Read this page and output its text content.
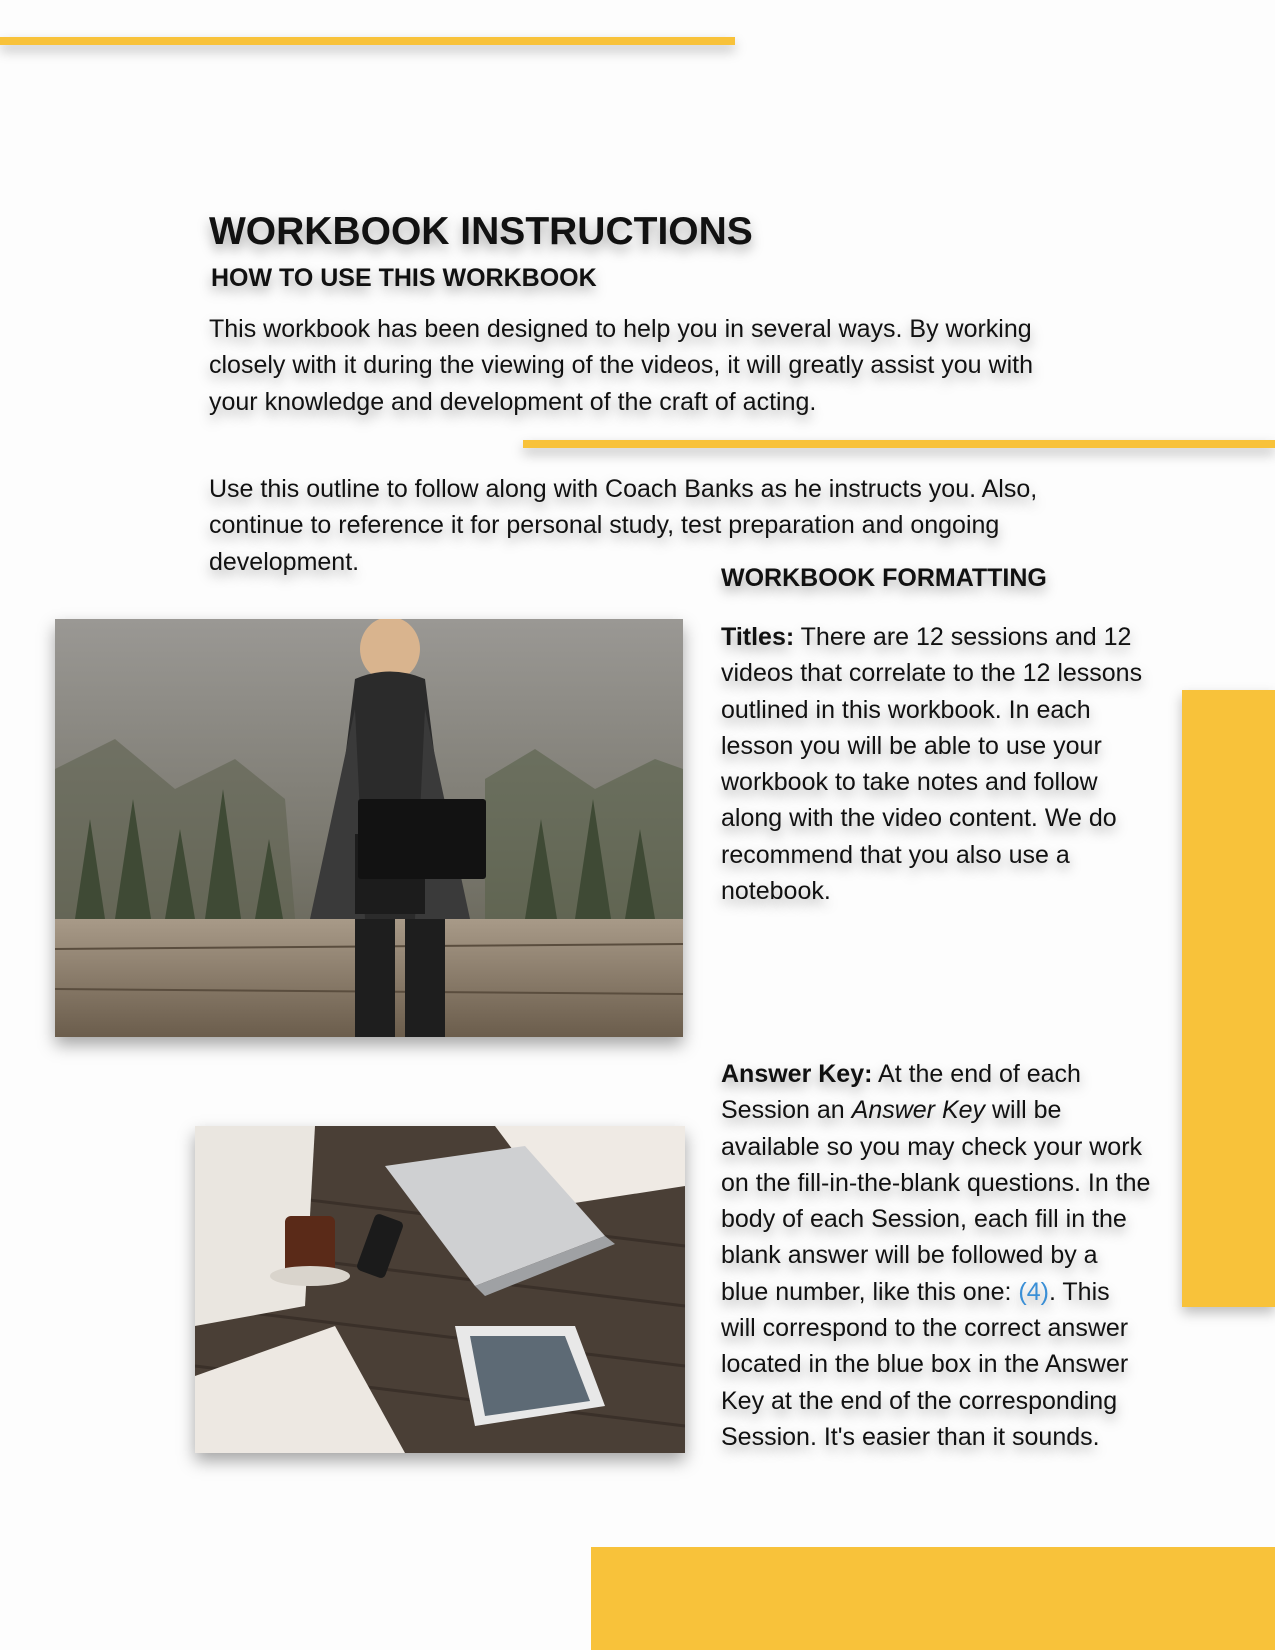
WORKBOOK INSTRUCTIONS
HOW TO USE THIS WORKBOOK

This workbook has been designed to help you in several ways. By working closely with it during the viewing of the videos, it will greatly assist you with your knowledge and development of the craft of acting.

Use this outline to follow along with Coach Banks as he instructs you. Also, continue to reference it for personal study, test preparation and ongoing development.

WORKBOOK FORMATTING

Titles: There are 12 sessions and 12 videos that correlate to the 12 lessons outlined in this workbook. In each lesson you will be able to use your workbook to take notes and follow along with the video content. We do recommend that you also use a notebook.

Answer Key: At the end of each Session an Answer Key will be available so you may check your work on the fill-in-the-blank questions. In the body of each Session, each fill in the blank answer will be followed by a blue number, like this one: (4). This will correspond to the correct answer located in the blue box in the Answer Key at the end of the corresponding Session. It's easier than it sounds.
